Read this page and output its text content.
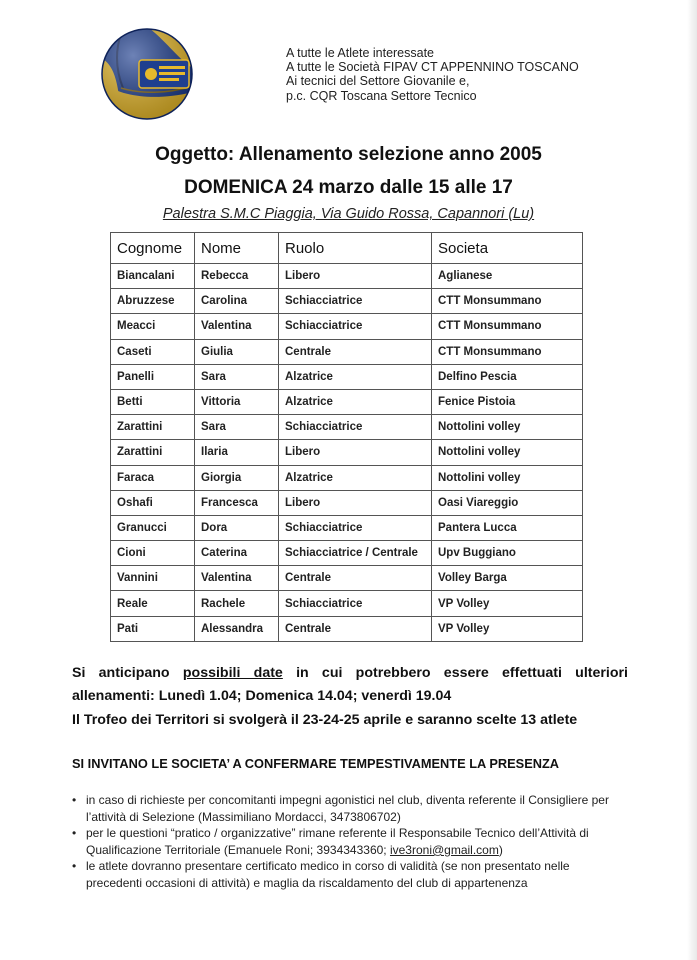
A tutte le Atlete interessate
A tutte le Società FIPAV CT APPENNINO TOSCANO
Ai tecnici del Settore Giovanile e,
p.c. CQR Toscana Settore Tecnico
Oggetto: Allenamento selezione anno 2005
DOMENICA 24 marzo dalle 15 alle 17
Palestra S.M.C Piaggia, Via Guido Rossa, Capannori (Lu)
Cognome	Nome	Ruolo	Societa
Biancalani	Rebecca	Libero	Aglianese
Abruzzese	Carolina	Schiacciatrice	CTT Monsummano
Meacci	Valentina	Schiacciatrice	CTT Monsummano
Caseti	Giulia	Centrale	CTT Monsummano
Panelli	Sara	Alzatrice	Delfino Pescia
Betti	Vittoria	Alzatrice	Fenice Pistoia
Zarattini	Sara	Schiacciatrice	Nottolini volley
Zarattini	Ilaria	Libero	Nottolini volley
Faraca	Giorgia	Alzatrice	Nottolini volley
Oshafi	Francesca	Libero	Oasi Viareggio
Granucci	Dora	Schiacciatrice	Pantera Lucca
Cioni	Caterina	Schiacciatrice / Centrale	Upv Buggiano
Vannini	Valentina	Centrale	Volley Barga
Reale	Rachele	Schiacciatrice	VP Volley
Pati	Alessandra	Centrale	VP Volley
Si anticipano possibili date in cui potrebbero essere effettuati ulteriori
allenamenti: Lunedì 1.04; Domenica 14.04; venerdì 19.04
Il Trofeo dei Territori si svolgerà il 23-24-25 aprile e saranno scelte 13 atlete
SI INVITANO LE SOCIETA’ A CONFERMARE TEMPESTIVAMENTE LA PRESENZA
• in caso di richieste per concomitanti impegni agonistici nel club, diventa referente il Consigliere per l’attività di Selezione (Massimiliano Mordacci, 3473806702)
• per le questioni “pratico / organizzative” rimane referente il Responsabile Tecnico dell’Attività di Qualificazione Territoriale (Emanuele Roni; 3934343360; ive3roni@gmail.com)
• le atlete dovranno presentare certificato medico in corso di validità (se non presentato nelle precedenti occasioni di attività) e maglia da riscaldamento del club di appartenenza
